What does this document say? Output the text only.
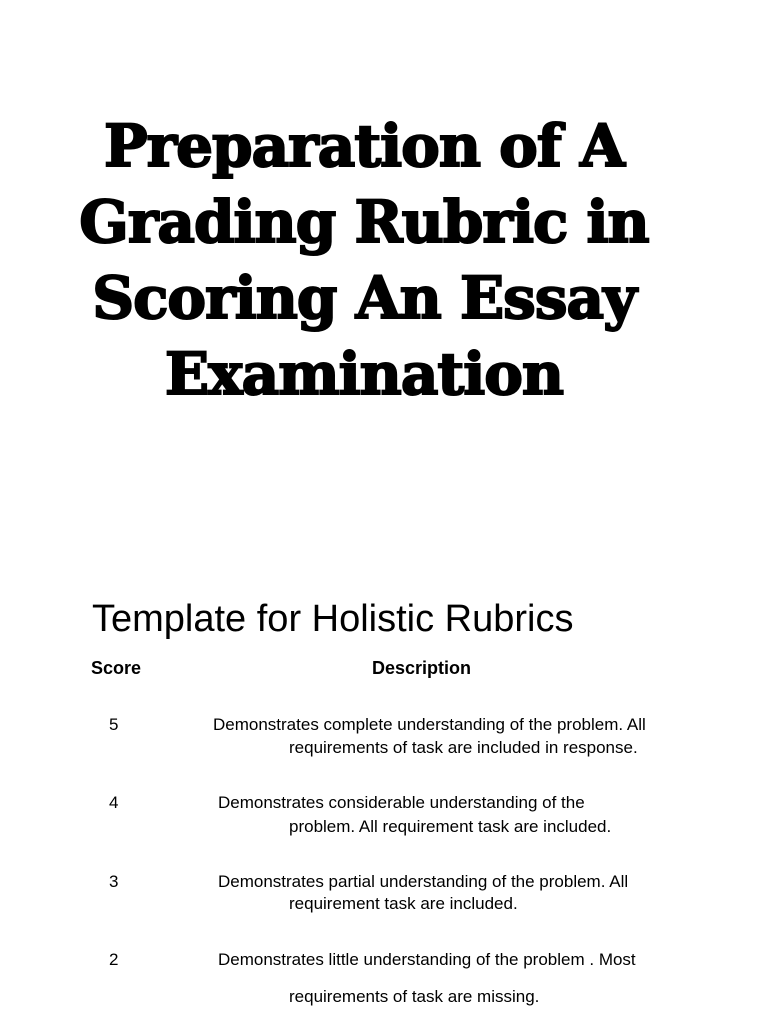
Preparation of A
Grading Rubric in
Scoring An Essay
Examination
Template for Holistic Rubrics
Score	Description
5	Demonstrates complete understanding of the problem. All
requirements of task are included in response.
4	Demonstrates considerable understanding of the
problem. All requirement task are included.
3	Demonstrates partial understanding of the problem. All
requirement task are included.
2	Demonstrates little understanding of the problem . Most
requirements of task are missing.
